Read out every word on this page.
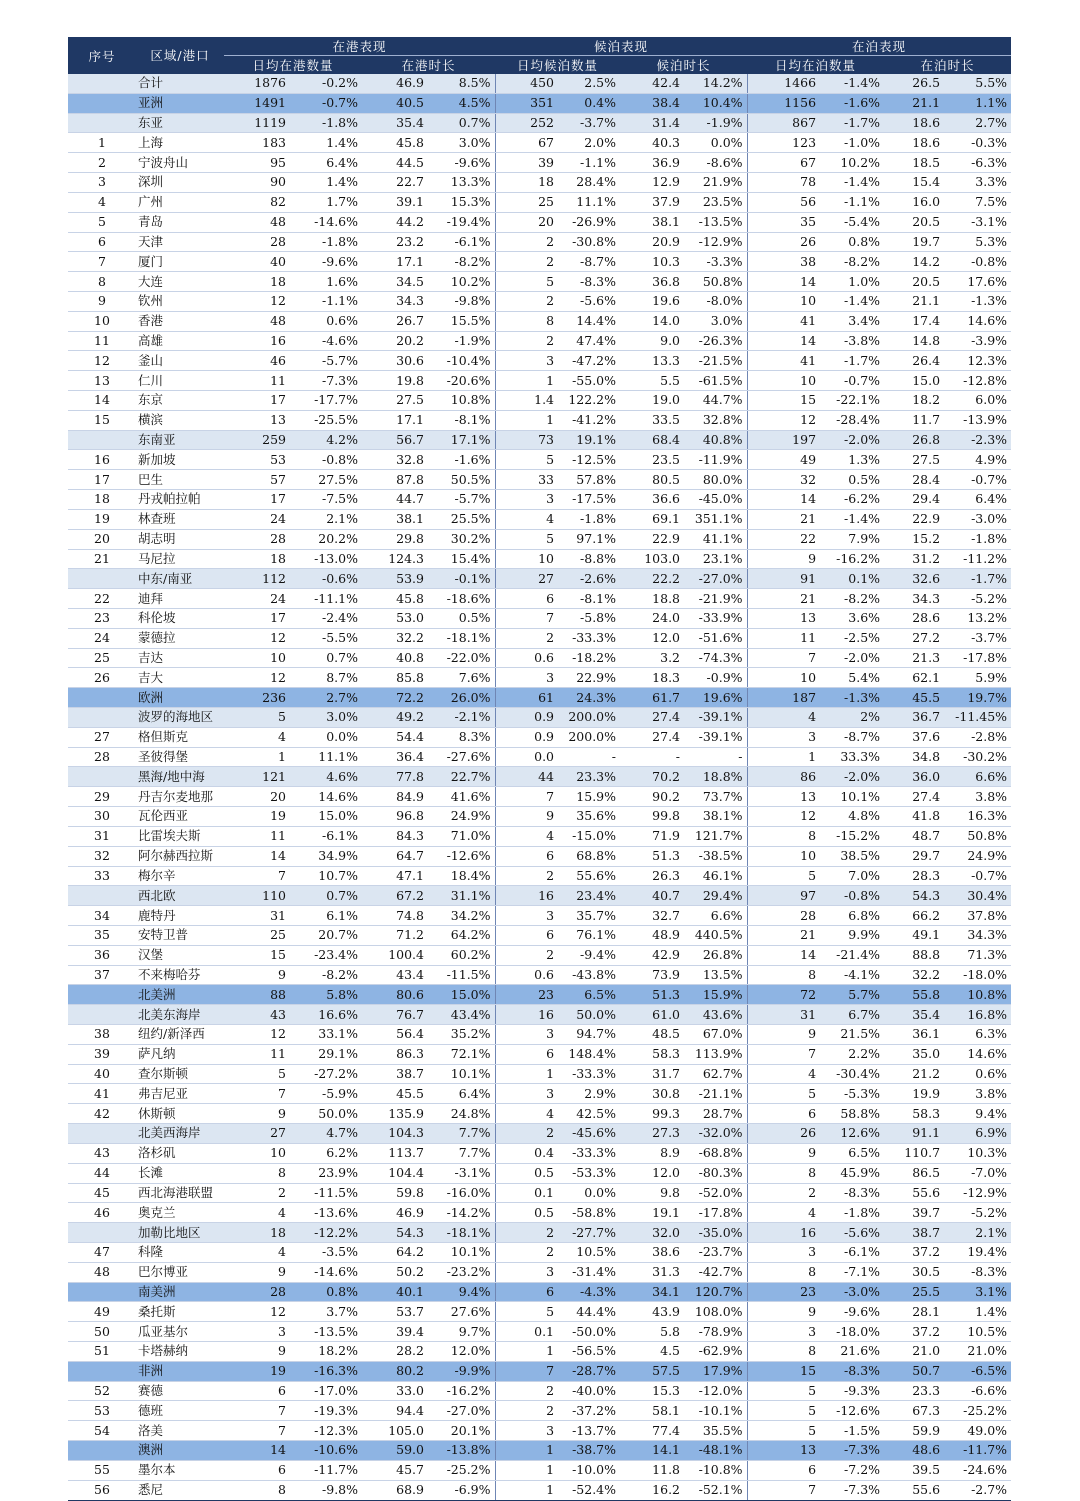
序号	区域/港口	在港表现				候泊表现				在泊表现			
		日均在港数量		在港时长		日均候泊数量		候泊时长		日均在泊数量		在泊时长	
	合计	1876	-0.2%	46.9	8.5%	450	2.5%	42.4	14.2%	1466	-1.4%	26.5	5.5%
	亚洲	1491	-0.7%	40.5	4.5%	351	0.4%	38.4	10.4%	1156	-1.6%	21.1	1.1%
	东亚	1119	-1.8%	35.4	0.7%	252	-3.7%	31.4	-1.9%	867	-1.7%	18.6	2.7%
1	上海	183	1.4%	45.8	3.0%	67	2.0%	40.3	0.0%	123	-1.0%	18.6	-0.3%
2	宁波舟山	95	6.4%	44.5	-9.6%	39	-1.1%	36.9	-8.6%	67	10.2%	18.5	-6.3%
3	深圳	90	1.4%	22.7	13.3%	18	28.4%	12.9	21.9%	78	-1.4%	15.4	3.3%
4	广州	82	1.7%	39.1	15.3%	25	11.1%	37.9	23.5%	56	-1.1%	16.0	7.5%
5	青岛	48	-14.6%	44.2	-19.4%	20	-26.9%	38.1	-13.5%	35	-5.4%	20.5	-3.1%
6	天津	28	-1.8%	23.2	-6.1%	2	-30.8%	20.9	-12.9%	26	0.8%	19.7	5.3%
7	厦门	40	-9.6%	17.1	-8.2%	2	-8.7%	10.3	-3.3%	38	-8.2%	14.2	-0.8%
8	大连	18	1.6%	34.5	10.2%	5	-8.3%	36.8	50.8%	14	1.0%	20.5	17.6%
9	钦州	12	-1.1%	34.3	-9.8%	2	-5.6%	19.6	-8.0%	10	-1.4%	21.1	-1.3%
10	香港	48	0.6%	26.7	15.5%	8	14.4%	14.0	3.0%	41	3.4%	17.4	14.6%
11	高雄	16	-4.6%	20.2	-1.9%	2	47.4%	9.0	-26.3%	14	-3.8%	14.8	-3.9%
12	釜山	46	-5.7%	30.6	-10.4%	3	-47.2%	13.3	-21.5%	41	-1.7%	26.4	12.3%
13	仁川	11	-7.3%	19.8	-20.6%	1	-55.0%	5.5	-61.5%	10	-0.7%	15.0	-12.8%
14	东京	17	-17.7%	27.5	10.8%	1.4	122.2%	19.0	44.7%	15	-22.1%	18.2	6.0%
15	横滨	13	-25.5%	17.1	-8.1%	1	-41.2%	33.5	32.8%	12	-28.4%	11.7	-13.9%
	东南亚	259	4.2%	56.7	17.1%	73	19.1%	68.4	40.8%	197	-2.0%	26.8	-2.3%
16	新加坡	53	-0.8%	32.8	-1.6%	5	-12.5%	23.5	-11.9%	49	1.3%	27.5	4.9%
17	巴生	57	27.5%	87.8	50.5%	33	57.8%	80.5	80.0%	32	0.5%	28.4	-0.7%
18	丹戎帕拉帕	17	-7.5%	44.7	-5.7%	3	-17.5%	36.6	-45.0%	14	-6.2%	29.4	6.4%
19	林查班	24	2.1%	38.1	25.5%	4	-1.8%	69.1	351.1%	21	-1.4%	22.9	-3.0%
20	胡志明	28	20.2%	29.8	30.2%	5	97.1%	22.9	41.1%	22	7.9%	15.2	-1.8%
21	马尼拉	18	-13.0%	124.3	15.4%	10	-8.8%	103.0	23.1%	9	-16.2%	31.2	-11.2%
	中东/南亚	112	-0.6%	53.9	-0.1%	27	-2.6%	22.2	-27.0%	91	0.1%	32.6	-1.7%
22	迪拜	24	-11.1%	45.8	-18.6%	6	-8.1%	18.8	-21.9%	21	-8.2%	34.3	-5.2%
23	科伦坡	17	-2.4%	53.0	0.5%	7	-5.8%	24.0	-33.9%	13	3.6%	28.6	13.2%
24	蒙德拉	12	-5.5%	32.2	-18.1%	2	-33.3%	12.0	-51.6%	11	-2.5%	27.2	-3.7%
25	吉达	10	0.7%	40.8	-22.0%	0.6	-18.2%	3.2	-74.3%	7	-2.0%	21.3	-17.8%
26	吉大	12	8.7%	85.8	7.6%	3	22.9%	18.3	-0.9%	10	5.4%	62.1	5.9%
	欧洲	236	2.7%	72.2	26.0%	61	24.3%	61.7	19.6%	187	-1.3%	45.5	19.7%
	波罗的海地区	5	3.0%	49.2	-2.1%	0.9	200.0%	27.4	-39.1%	4	2%	36.7	-11.45%
27	格但斯克	4	0.0%	54.4	8.3%	0.9	200.0%	27.4	-39.1%	3	-8.7%	37.6	-2.8%
28	圣彼得堡	1	11.1%	36.4	-27.6%	0.0	-	-	-	1	33.3%	34.8	-30.2%
	黑海/地中海	121	4.6%	77.8	22.7%	44	23.3%	70.2	18.8%	86	-2.0%	36.0	6.6%
29	丹吉尔麦地那	20	14.6%	84.9	41.6%	7	15.9%	90.2	73.7%	13	10.1%	27.4	3.8%
30	瓦伦西亚	19	15.0%	96.8	24.9%	9	35.6%	99.8	38.1%	12	4.8%	41.8	16.3%
31	比雷埃夫斯	11	-6.1%	84.3	71.0%	4	-15.0%	71.9	121.7%	8	-15.2%	48.7	50.8%
32	阿尔赫西拉斯	14	34.9%	64.7	-12.6%	6	68.8%	51.3	-38.5%	10	38.5%	29.7	24.9%
33	梅尔辛	7	10.7%	47.1	18.4%	2	55.6%	26.3	46.1%	5	7.0%	28.3	-0.7%
	西北欧	110	0.7%	67.2	31.1%	16	23.4%	40.7	29.4%	97	-0.8%	54.3	30.4%
34	鹿特丹	31	6.1%	74.8	34.2%	3	35.7%	32.7	6.6%	28	6.8%	66.2	37.8%
35	安特卫普	25	20.7%	71.2	64.2%	6	76.1%	48.9	440.5%	21	9.9%	49.1	34.3%
36	汉堡	15	-23.4%	100.4	60.2%	2	-9.4%	42.9	26.8%	14	-21.4%	88.8	71.3%
37	不来梅哈芬	9	-8.2%	43.4	-11.5%	0.6	-43.8%	73.9	13.5%	8	-4.1%	32.2	-18.0%
	北美洲	88	5.8%	80.6	15.0%	23	6.5%	51.3	15.9%	72	5.7%	55.8	10.8%
	北美东海岸	43	16.6%	76.7	43.4%	16	50.0%	61.0	43.6%	31	6.7%	35.4	16.8%
38	纽约/新泽西	12	33.1%	56.4	35.2%	3	94.7%	48.5	67.0%	9	21.5%	36.1	6.3%
39	萨凡纳	11	29.1%	86.3	72.1%	6	148.4%	58.3	113.9%	7	2.2%	35.0	14.6%
40	查尔斯顿	5	-27.2%	38.7	10.1%	1	-33.3%	31.7	62.7%	4	-30.4%	21.2	0.6%
41	弗吉尼亚	7	-5.9%	45.5	6.4%	3	2.9%	30.8	-21.1%	5	-5.3%	19.9	3.8%
42	休斯顿	9	50.0%	135.9	24.8%	4	42.5%	99.3	28.7%	6	58.8%	58.3	9.4%
	北美西海岸	27	4.7%	104.3	7.7%	2	-45.6%	27.3	-32.0%	26	12.6%	91.1	6.9%
43	洛杉矶	10	6.2%	113.7	7.7%	0.4	-33.3%	8.9	-68.8%	9	6.5%	110.7	10.3%
44	长滩	8	23.9%	104.4	-3.1%	0.5	-53.3%	12.0	-80.3%	8	45.9%	86.5	-7.0%
45	西北海港联盟	2	-11.5%	59.8	-16.0%	0.1	0.0%	9.8	-52.0%	2	-8.3%	55.6	-12.9%
46	奥克兰	4	-13.6%	46.9	-14.2%	0.5	-58.8%	19.1	-17.8%	4	-1.8%	39.7	-5.2%
	加勒比地区	18	-12.2%	54.3	-18.1%	2	-27.7%	32.0	-35.0%	16	-5.6%	38.7	2.1%
47	科隆	4	-3.5%	64.2	10.1%	2	10.5%	38.6	-23.7%	3	-6.1%	37.2	19.4%
48	巴尔博亚	9	-14.6%	50.2	-23.2%	3	-31.4%	31.3	-42.7%	8	-7.1%	30.5	-8.3%
	南美洲	28	0.8%	40.1	9.4%	6	-4.3%	34.1	120.7%	23	-3.0%	25.5	3.1%
49	桑托斯	12	3.7%	53.7	27.6%	5	44.4%	43.9	108.0%	9	-9.6%	28.1	1.4%
50	瓜亚基尔	3	-13.5%	39.4	9.7%	0.1	-50.0%	5.8	-78.9%	3	-18.0%	37.2	10.5%
51	卡塔赫纳	9	18.2%	28.2	12.0%	1	-56.5%	4.5	-62.9%	8	21.6%	21.0	21.0%
	非洲	19	-16.3%	80.2	-9.9%	7	-28.7%	57.5	17.9%	15	-8.3%	50.7	-6.5%
52	赛德	6	-17.0%	33.0	-16.2%	2	-40.0%	15.3	-12.0%	5	-9.3%	23.3	-6.6%
53	德班	7	-19.3%	94.4	-27.0%	2	-37.2%	58.1	-10.1%	5	-12.6%	67.3	-25.2%
54	洛美	7	-12.3%	105.0	20.1%	3	-13.7%	77.4	35.5%	5	-1.5%	59.9	49.0%
	澳洲	14	-10.6%	59.0	-13.8%	1	-38.7%	14.1	-48.1%	13	-7.3%	48.6	-11.7%
55	墨尔本	6	-11.7%	45.7	-25.2%	1	-10.0%	11.8	-10.8%	6	-7.2%	39.5	-24.6%
56	悉尼	8	-9.8%	68.9	-6.9%	1	-52.4%	16.2	-52.1%	7	-7.3%	55.6	-2.7%
